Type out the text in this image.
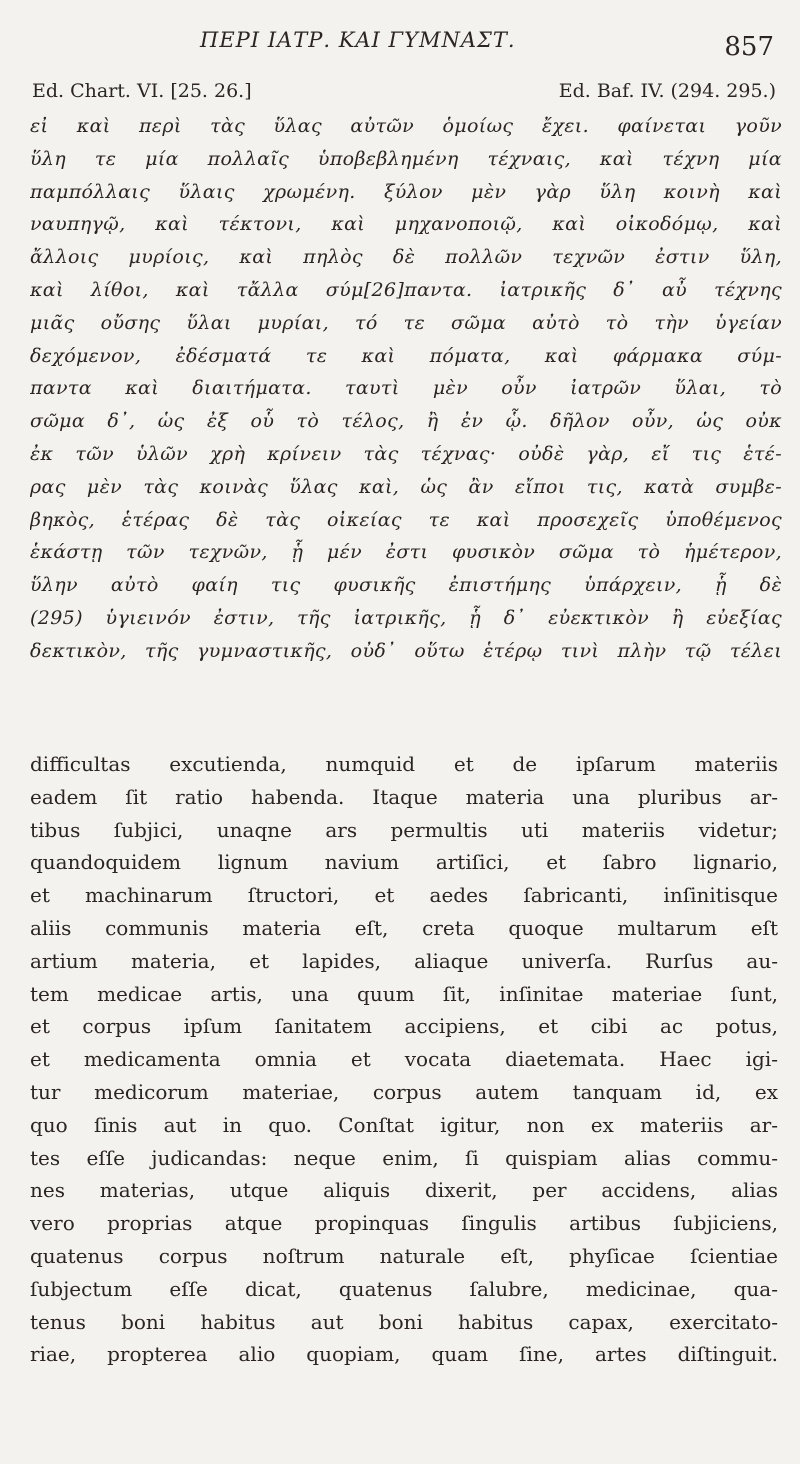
ΠΕΡΙ ΙΑΤΡ. ΚΑΙ ΓΥΜΝΑΣΤ.	857
Ed. Chart. VI. [25. 26.]	Ed. Baf. IV. (294. 295.)
εἰ καὶ περὶ τὰς ὕλας αὐτῶν ὁμοίως ἔχει. φαίνεται γοῦν
ὕλη τε μία πολλαῖς ὑποβεβλημένη τέχναις, καὶ τέχνη μία
παμπόλλαις ὕλαις χρωμένη. ξύλον μὲν γὰρ ὕλη κοινὴ καὶ
ναυπηγῷ, καὶ τέκτονι, καὶ μηχανοποιῷ, καὶ οἰκοδόμῳ, καὶ
ἄλλοις μυρίοις, καὶ πηλὸς δὲ πολλῶν τεχνῶν ἐστιν ὕλη,
καὶ λίθοι, καὶ τἄλλα σύμ[26]παντα. ἰατρικῆς δ᾽ αὖ τέχνης
μιᾶς οὔσης ὕλαι μυρίαι, τό τε σῶμα αὐτὸ τὸ τὴν ὑγείαν
δεχόμενον, ἐδέσματά τε καὶ πόματα, καὶ φάρμακα σύμ-
παντα καὶ διαιτήματα. ταυτὶ μὲν οὖν ἰατρῶν ὕλαι, τὸ
σῶμα δ᾽, ὡς ἐξ οὗ τὸ τέλος, ἢ ἐν ᾧ. δῆλον οὖν, ὡς οὐκ
ἐκ τῶν ὑλῶν χρὴ κρίνειν τὰς τέχνας· οὐδὲ γὰρ, εἴ τις ἑτέ-
ρας μὲν τὰς κοινὰς ὕλας καὶ, ὡς ἂν εἴποι τις, κατὰ συμβε-
βηκὸς, ἑτέρας δὲ τὰς οἰκείας τε καὶ προσεχεῖς ὑποθέμενος
ἑκάστῃ τῶν τεχνῶν, ᾗ μέν ἐστι φυσικὸν σῶμα τὸ ἡμέτερον,
ὕλην αὐτὸ φαίη τις φυσικῆς ἐπιστήμης ὑπάρχειν, ᾗ δὲ
(295) ὑγιεινόν ἐστιν, τῆς ἰατρικῆς, ᾗ δ᾽ εὐεκτικὸν ἢ εὐεξίας
δεκτικὸν, τῆς γυμναστικῆς, οὐδ᾽ οὕτω ἑτέρῳ τινὶ πλὴν τῷ τέλει
difficultas excutienda, numquid et de ipſarum materiis
eadem ſit ratio habenda. Itaque materia una pluribus ar-
tibus ſubjici, unaqne ars permultis uti materiis videtur;
quandoquidem lignum navium artiſici, et ſabro lignario,
et machinarum ſtructori, et aedes ſabricanti, inſinitisque
aliis communis materia eſt, creta quoque multarum eſt
artium materia, et lapides, aliaque univerſa. Rurſus au-
tem medicae artis, una quum ſit, inſinitae materiae ſunt,
et corpus ipſum ſanitatem accipiens, et cibi ac potus,
et medicamenta omnia et vocata diaetemata. Haec igi-
tur medicorum materiae, corpus autem tanquam id, ex
quo ſinis aut in quo. Conſtat igitur, non ex materiis ar-
tes eſſe judicandas: neque enim, ſi quispiam alias commu-
nes materias, utque aliquis dixerit, per accidens, alias
vero proprias atque propinquas ſingulis artibus ſubjiciens,
quatenus corpus noſtrum naturale eſt, phyſicae ſcientiae
ſubjectum eſſe dicat, quatenus ſalubre, medicinae, qua-
tenus boni habitus aut boni habitus capax, exercitato-
riae, propterea alio quopiam, quam ſine, artes diſtinguit.
